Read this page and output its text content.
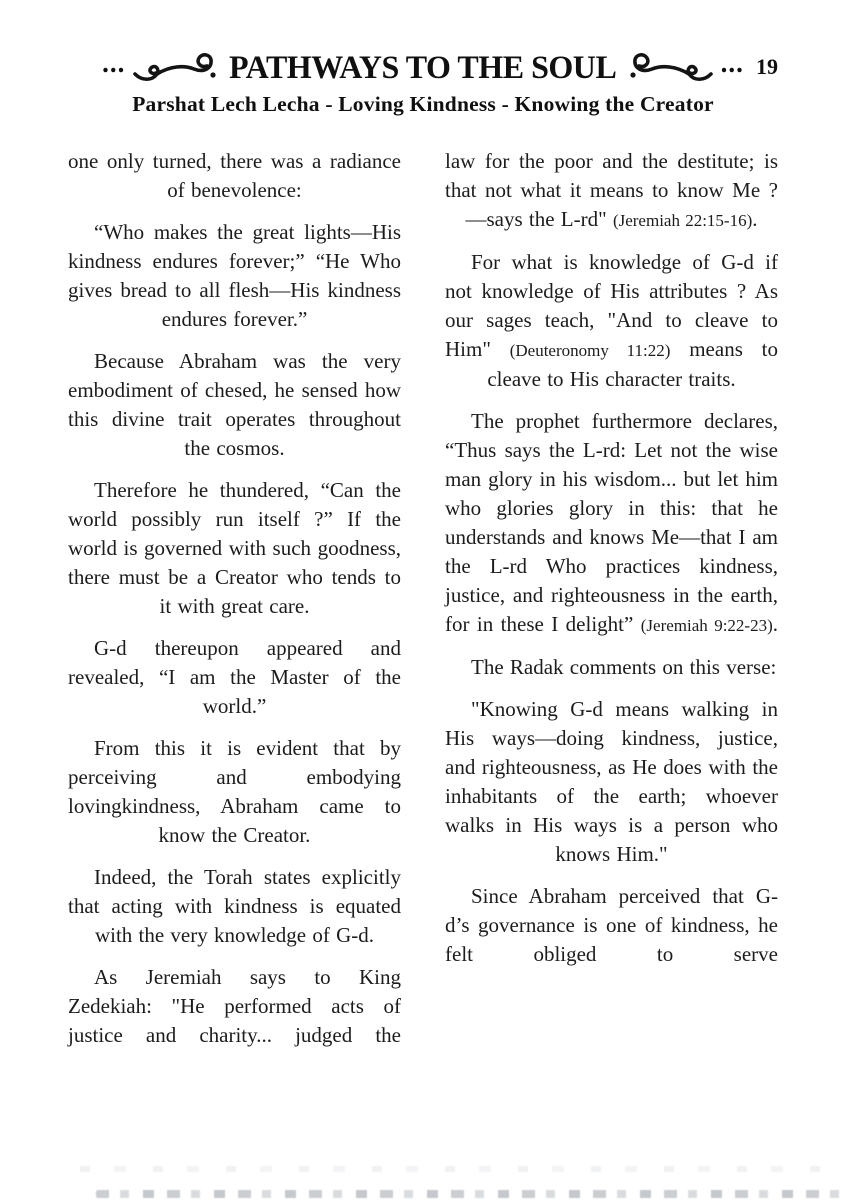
...	PATHWAYS TO THE SOUL	... 19
Parshat Lech Lecha - Loving Kindness - Knowing the Creator

one only turned, there was a radiance of benevolence:

“Who makes the great lights—His kindness endures forever;” “He Who gives bread to all flesh—His kindness endures forever.”

Because Abraham was the very embodiment of chesed, he sensed how this divine trait operates throughout the cosmos.

Therefore he thundered, “Can the world possibly run itself ?” If the world is governed with such goodness, there must be a Creator who tends to it with great care.

G-d thereupon appeared and revealed, “I am the Master of the world.”

From this it is evident that by perceiving and embodying lovingkindness, Abraham came to know the Creator.

Indeed, the Torah states explicitly that acting with kindness is equated with the very knowledge of G-d.

As Jeremiah says to King Zedekiah: "He performed acts of justice and charity... judged the

law for the poor and the destitute; is that not what it means to know Me ?—says the L-rd" (Jeremiah 22:15-16).

For what is knowledge of G-d if not knowledge of His attributes ? As our sages teach, "And to cleave to Him" (Deuteronomy 11:22) means to cleave to His character traits.

The prophet furthermore declares, “Thus says the L-rd: Let not the wise man glory in his wisdom... but let him who glories glory in this: that he understands and knows Me—that I am the L-rd Who practices kindness, justice, and righteousness in the earth, for in these I delight” (Jeremiah 9:22-23).

The Radak comments on this verse:

"Knowing G-d means walking in His ways—doing kindness, justice, and righteousness, as He does with the inhabitants of the earth; whoever walks in His ways is a person who knows Him."

Since Abraham perceived that G-d’s governance is one of kindness, he felt obliged to serve
